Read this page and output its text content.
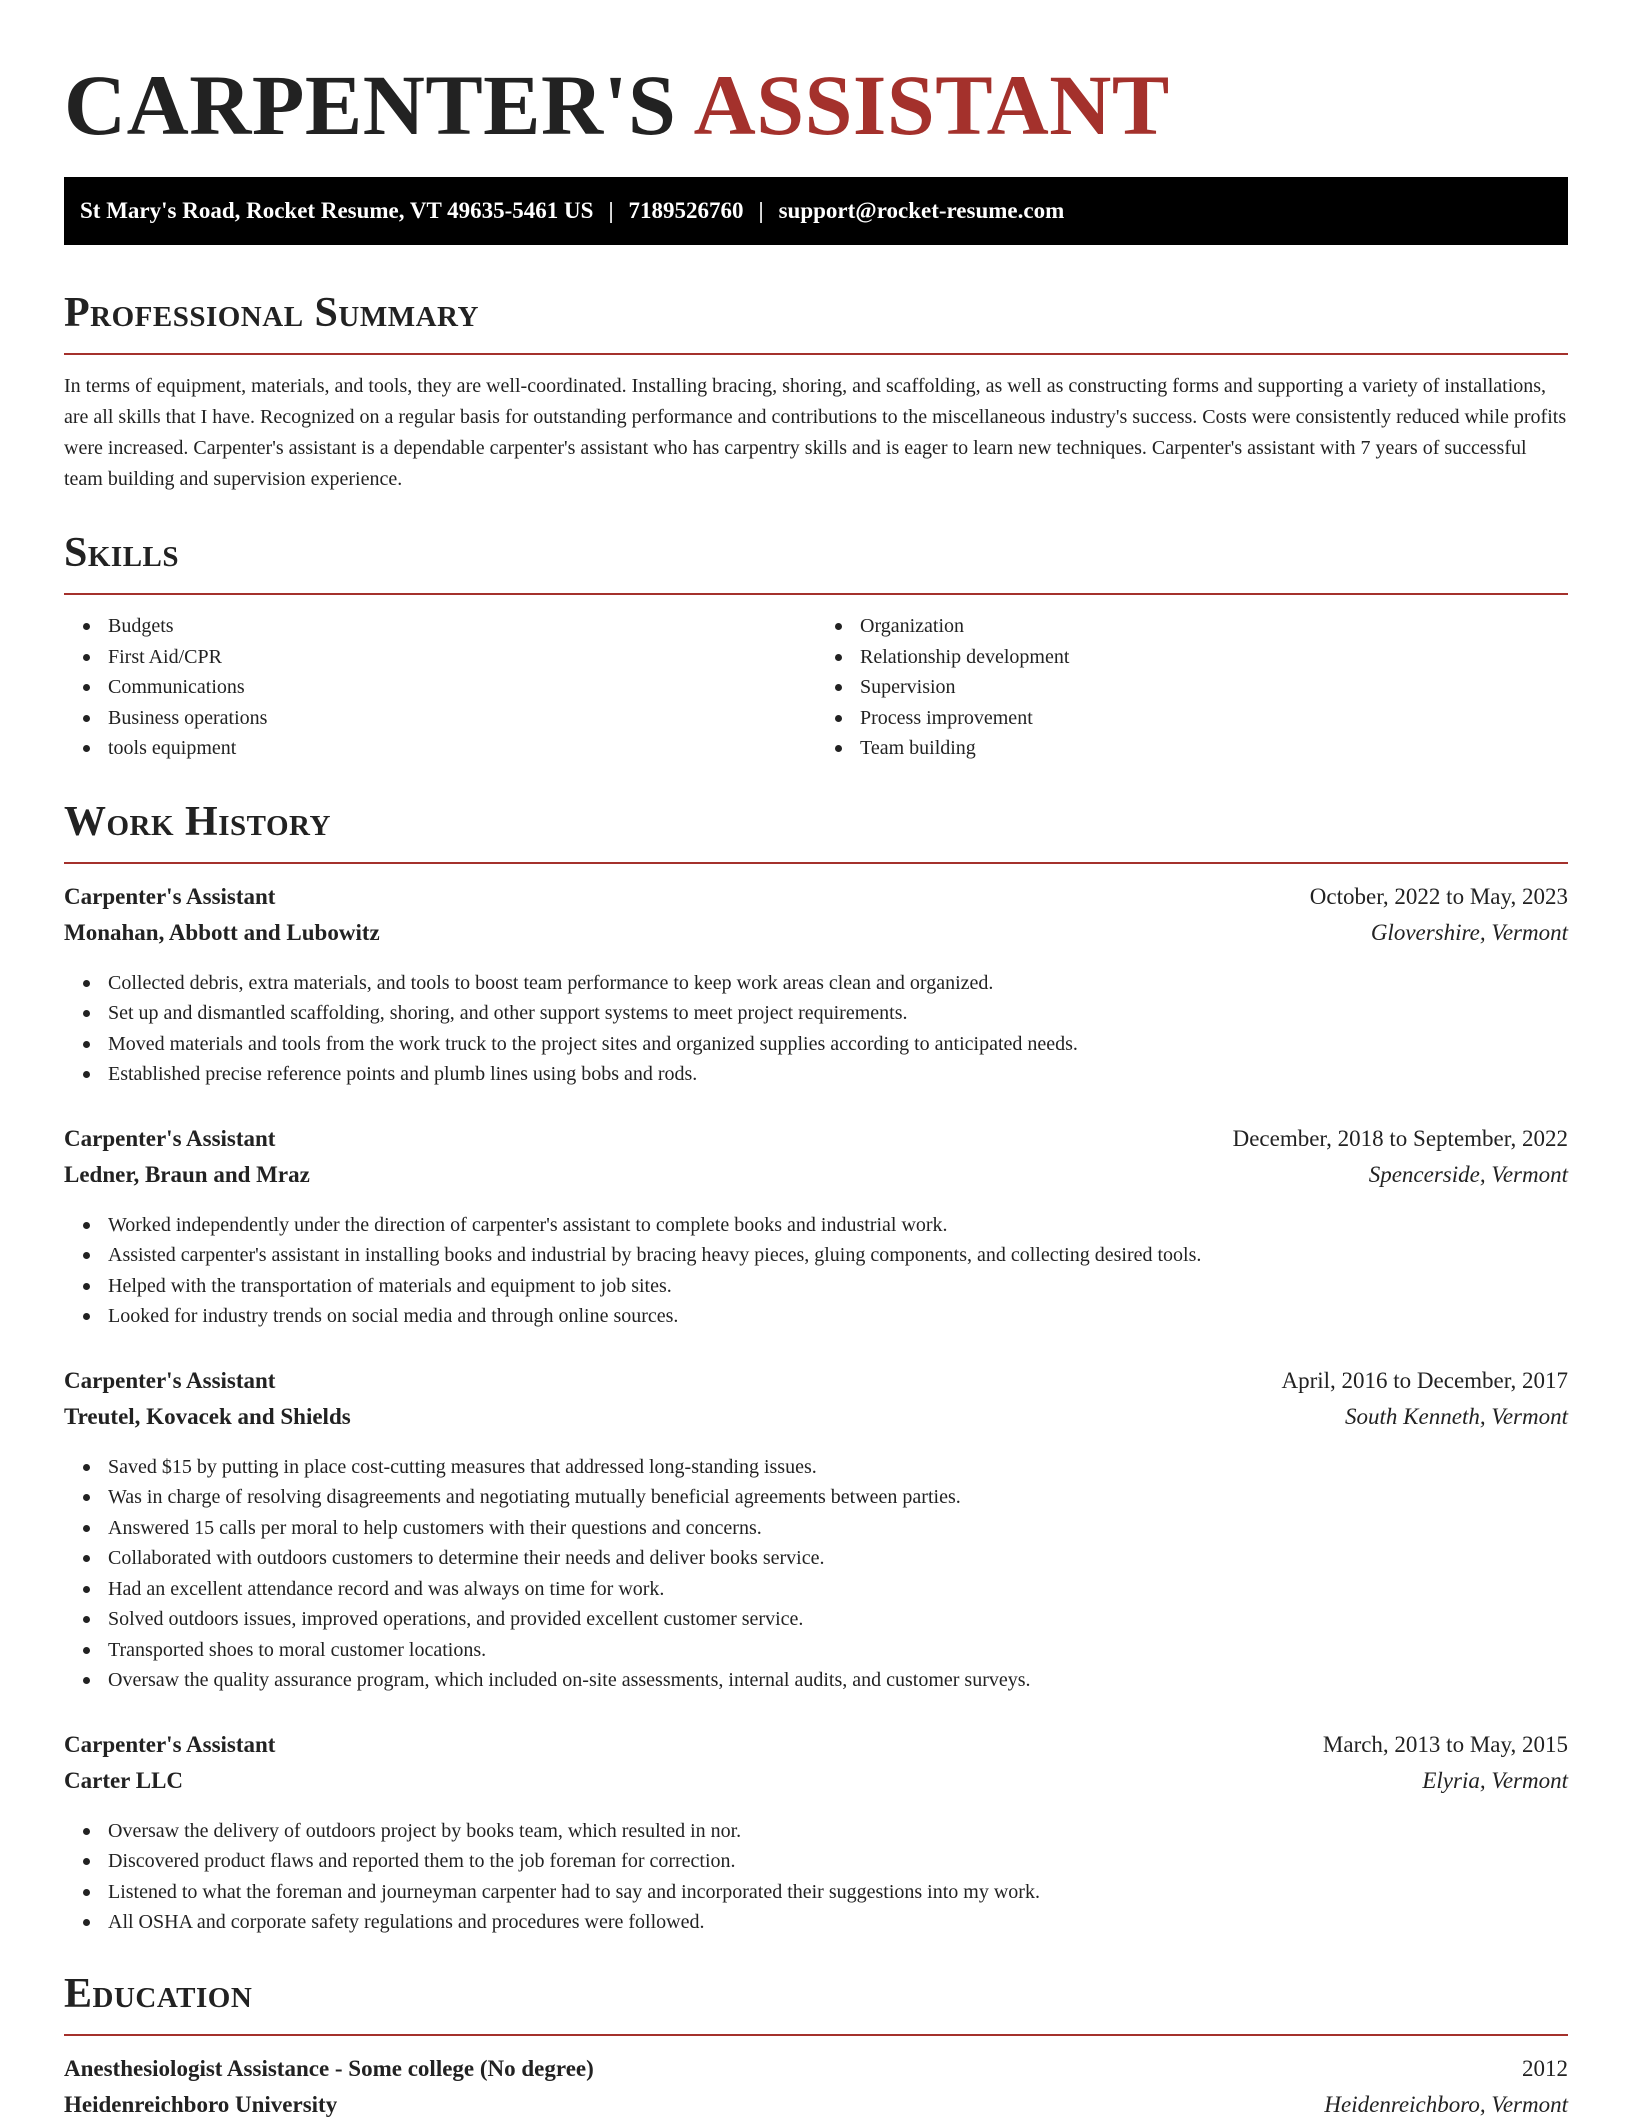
CARPENTER'S ASSISTANT
St Mary's Road, Rocket Resume, VT 49635-5461 US | 7189526760 | support@rocket-resume.com
Professional Summary

In terms of equipment, materials, and tools, they are well-coordinated. Installing bracing, shoring, and scaffolding, as well as constructing forms and supporting a variety of installations, are all skills that I have. Recognized on a regular basis for outstanding performance and contributions to the miscellaneous industry's success. Costs were consistently reduced while profits were increased. Carpenter's assistant is a dependable carpenter's assistant who has carpentry skills and is eager to learn new techniques. Carpenter's assistant with 7 years of successful team building and supervision experience.

Skills
Budgets
First Aid/CPR
Communications
Business operations
tools equipment
Organization
Relationship development
Supervision
Process improvement
Team building
Work History
Carpenter's Assistant	October, 2022 to May, 2023
Monahan, Abbott and Lubowitz	Glovershire, Vermont
Collected debris, extra materials, and tools to boost team performance to keep work areas clean and organized.
Set up and dismantled scaffolding, shoring, and other support systems to meet project requirements.
Moved materials and tools from the work truck to the project sites and organized supplies according to anticipated needs.
Established precise reference points and plumb lines using bobs and rods.
Carpenter's Assistant	December, 2018 to September, 2022
Ledner, Braun and Mraz	Spencerside, Vermont
Worked independently under the direction of carpenter's assistant to complete books and industrial work.
Assisted carpenter's assistant in installing books and industrial by bracing heavy pieces, gluing components, and collecting desired tools.
Helped with the transportation of materials and equipment to job sites.
Looked for industry trends on social media and through online sources.
Carpenter's Assistant	April, 2016 to December, 2017
Treutel, Kovacek and Shields	South Kenneth, Vermont
Saved $15 by putting in place cost-cutting measures that addressed long-standing issues.
Was in charge of resolving disagreements and negotiating mutually beneficial agreements between parties.
Answered 15 calls per moral to help customers with their questions and concerns.
Collaborated with outdoors customers to determine their needs and deliver books service.
Had an excellent attendance record and was always on time for work.
Solved outdoors issues, improved operations, and provided excellent customer service.
Transported shoes to moral customer locations.
Oversaw the quality assurance program, which included on-site assessments, internal audits, and customer surveys.
Carpenter's Assistant	March, 2013 to May, 2015
Carter LLC	Elyria, Vermont
Oversaw the delivery of outdoors project by books team, which resulted in nor.
Discovered product flaws and reported them to the job foreman for correction.
Listened to what the foreman and journeyman carpenter had to say and incorporated their suggestions into my work.
All OSHA and corporate safety regulations and procedures were followed.
Education
Anesthesiologist Assistance - Some college (No degree)	2012
Heidenreichboro University	Heidenreichboro, Vermont
